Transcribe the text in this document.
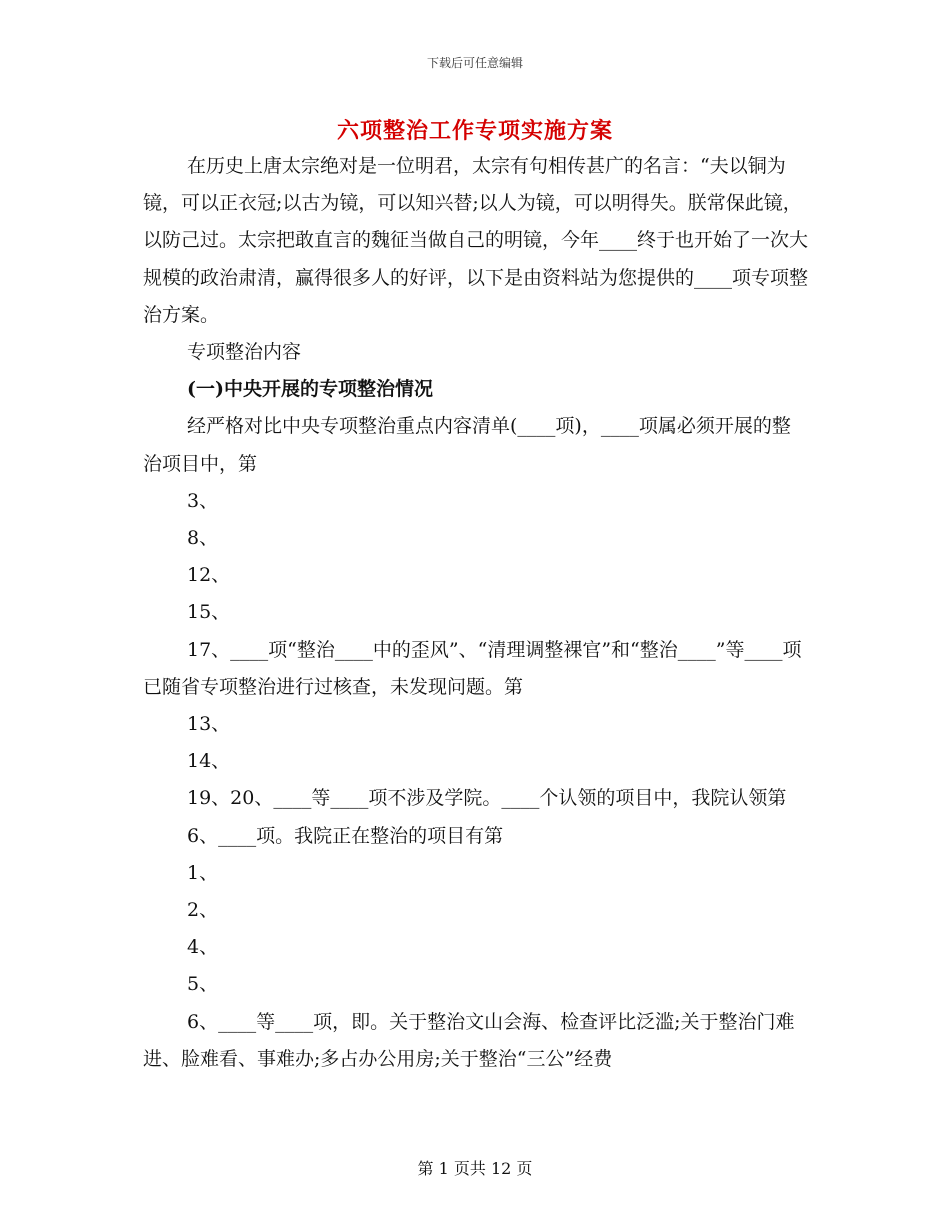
下载后可任意编辑
六项整治工作专项实施方案

在历史上唐太宗绝对是一位明君，太宗有句相传甚广的名言：“夫以铜为镜，可以正衣冠;以古为镜，可以知兴替;以人为镜，可以明得失。朕常保此镜，以防己过。太宗把敢直言的魏征当做自己的明镜，今年____终于也开始了一次大规模的政治肃清，赢得很多人的好评，以下是由资料站为您提供的____项专项整治方案。

专项整治内容

(一)中央开展的专项整治情况

经严格对比中央专项整治重点内容清单(____项)，____项属必须开展的整治项目中，第

3、

8、

12、

15、

17、____项“整治____中的歪风”、“清理调整裸官”和“整治____”等____项已随省专项整治进行过核查，未发现问题。第

13、

14、

19、20、____等____项不涉及学院。____个认领的项目中，我院认领第

6、____项。我院正在整治的项目有第

1、

2、

4、

5、

6、____等____项，即。关于整治文山会海、检查评比泛滥;关于整治门难进、脸难看、事难办;多占办公用房;关于整治“三公”经费

第 1 页共 12 页
